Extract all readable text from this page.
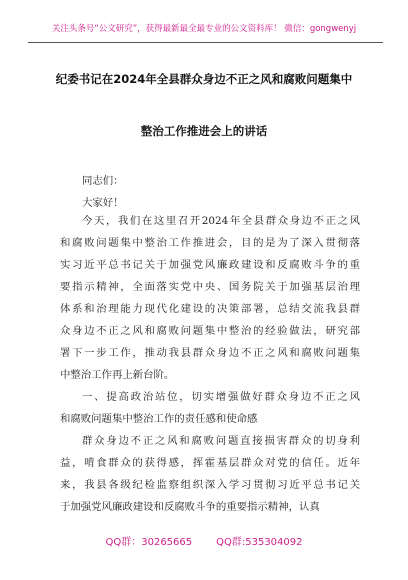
关注头条号“公文研究”，获得最新最全最专业的公文资料库！ 微信：gongwenyj
纪委书记在2024年全县群众身边不正之风和腐败问题集中
整治工作推进会上的讲话
同志们：
大家好！
今天，我们在这里召开2024年全县群众身边不正之风
和腐败问题集中整治工作推进会，目的是为了深入贯彻落
实习近平总书记关于加强党风廉政建设和反腐败斗争的重
要指示精神，全面落实党中央、国务院关于加强基层治理
体系和治理能力现代化建设的决策部署，总结交流我县群
众身边不正之风和腐败问题集中整治的经验做法，研究部
署下一步工作，推动我县群众身边不正之风和腐败问题集
中整治工作再上新台阶。
一、提高政治站位，切实增强做好群众身边不正之风
和腐败问题集中整治工作的责任感和使命感
群众身边不正之风和腐败问题直接损害群众的切身利
益，啃食群众的获得感，挥霍基层群众对党的信任。近年
来，我县各级纪检监察组织深入学习贯彻习近平总书记关
于加强党风廉政建设和反腐败斗争的重要指示精神，认真
QQ群：30265665 QQ群:535304092
